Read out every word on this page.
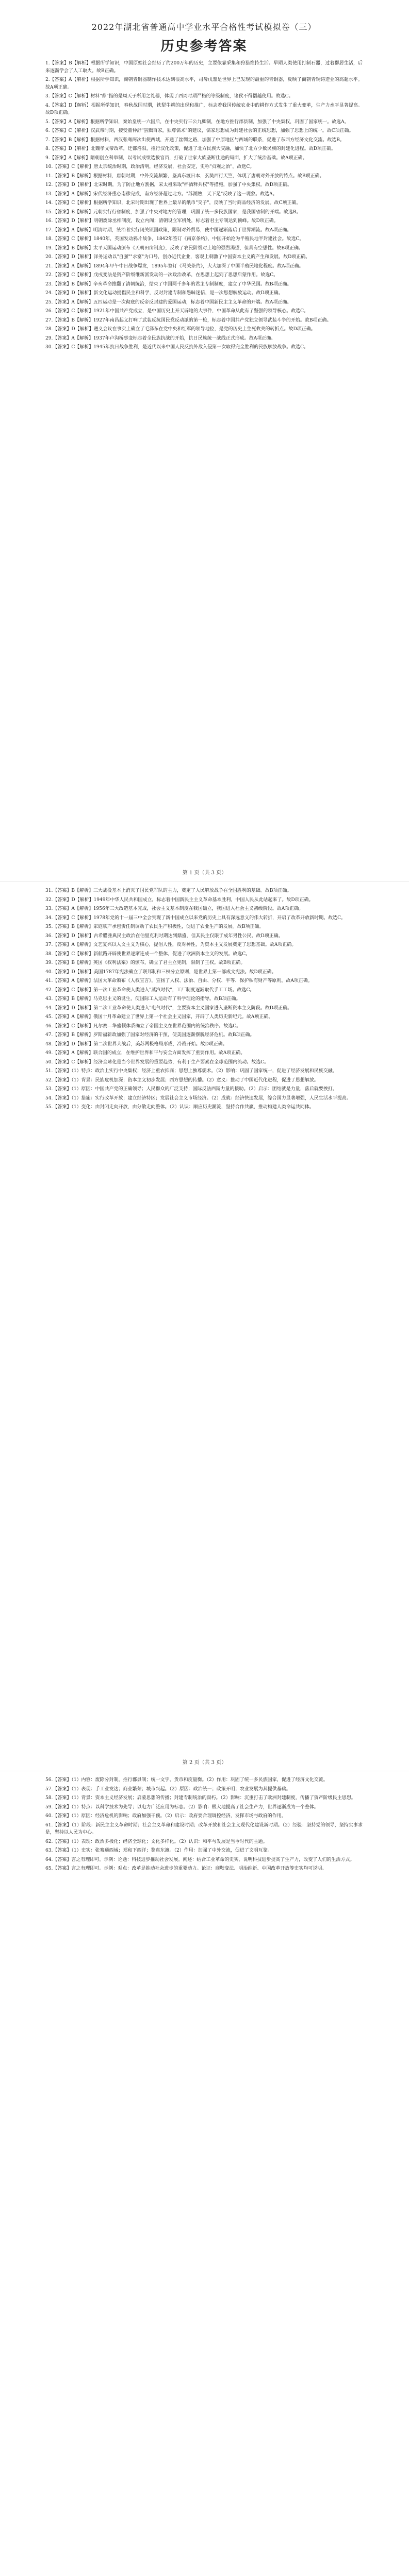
2022年湖北省普通高中学业水平合格性考试模拟卷（三）
历史参考答案

1.【答案】B【解析】根据所学知识，中国原始社会经历了约200万年的历史，主要依靠采集和狩猎维持生活。早期人类使用打制石器，过着群居生活，后来逐渐学会了人工取火。故B正确。

2.【答案】A【解析】根据所学知识，商朝青铜器制作技术达到很高水平，司母戊鼎是世界上已发现的最重的青铜器，反映了商朝青铜铸造业的高超水平。故A项正确。

3.【答案】C【解析】材料"鼎"指的是周天子所用之礼器，体现了西周时期严格的等级制度，诸侯不得僭越使用。故选C。

4.【答案】D【解析】根据所学知识，春秋战国时期，铁犁牛耕的出现和推广，标志着我国传统农业中的耕作方式发生了重大变革，生产力水平显著提高。故D项正确。

5.【答案】A【解析】根据所学知识，秦始皇统一六国后，在中央实行三公九卿制，在地方推行郡县制，加强了中央集权，巩固了国家统一。故选A。

6.【答案】C【解析】汉武帝时期，接受董仲舒"罢黜百家，独尊儒术"的建议，儒家思想成为封建社会的正统思想，加强了思想上的统一。故C项正确。

7.【答案】B【解析】根据材料，西汉张骞两次出使西域，开通了丝绸之路，加强了中原地区与西域的联系，促进了东西方经济文化交流。故选B。

8.【答案】D【解析】北魏孝文帝改革，迁都洛阳，推行汉化政策，促进了北方民族大交融，加快了北方少数民族的封建化进程。故D项正确。

9.【答案】A【解析】隋朝创立科举制，以考试成绩选拔官员，打破了世家大族垄断仕途的局面，扩大了统治基础。故A项正确。

10.【答案】C【解析】唐太宗统治时期，政治清明，经济发展，社会安定，史称"贞观之治"。故选C。

11.【答案】B【解析】根据材料，唐朝时期，中外交流频繁，鉴真东渡日本，玄奘西行天竺，体现了唐朝对外开放的特点。故B项正确。

12.【答案】D【解析】北宋时期，为了防止地方割据，宋太祖采取"杯酒释兵权"等措施，加强了中央集权。故D项正确。

13.【答案】A【解析】宋代经济重心南移完成，南方经济超过北方。"苏湖熟，天下足"反映了这一现象。故选A。

14.【答案】C【解析】根据所学知识，北宋时期出现了世界上最早的纸币"交子"，反映了当时商品经济的发展。故C项正确。

15.【答案】B【解析】元朝实行行省制度，加强了中央对地方的管理，巩固了统一多民族国家，是我国省制的开端。故选B。

16.【答案】D【解析】明朝废除丞相制度，设立内阁；清朝设立军机处，标志着君主专制达到顶峰。故D项正确。

17.【答案】A【解析】明清时期，统治者实行闭关锁国政策，限制对外贸易，使中国逐渐落后于世界潮流。故A项正确。

18.【答案】C【解析】1840年，英国发动鸦片战争，1842年签订《南京条约》，中国开始沦为半殖民地半封建社会。故选C。

19.【答案】B【解析】太平天国运动颁布《天朝田亩制度》，反映了农民阶级对土地的强烈渴望，但具有空想性。故B项正确。

20.【答案】D【解析】洋务运动以"自强""求富"为口号，创办近代企业，客观上刺激了中国资本主义的产生和发展。故D项正确。

21.【答案】A【解析】1894年甲午中日战争爆发，1895年签订《马关条约》，大大加深了中国半殖民地化程度。故A项正确。

22.【答案】C【解析】戊戌变法是资产阶级维新派发动的一次政治改革，在思想上起到了思想启蒙作用。故选C。

23.【答案】B【解析】辛亥革命推翻了清朝统治，结束了中国两千多年的君主专制制度，建立了中华民国。故B项正确。

24.【答案】D【解析】新文化运动提倡民主和科学，反对封建专制和愚昧迷信，是一次思想解放运动。故D项正确。

25.【答案】A【解析】五四运动是一次彻底的反帝反封建的爱国运动，标志着中国新民主主义革命的开端。故A项正确。

26.【答案】C【解析】1921年中国共产党成立，是中国历史上开天辟地的大事件，中国革命从此有了坚强的领导核心。故选C。

27.【答案】B【解析】1927年南昌起义打响了武装反抗国民党反动派的第一枪，标志着中国共产党独立领导武装斗争的开始。故B项正确。

28.【答案】D【解析】遵义会议在事实上确立了毛泽东在党中央和红军的领导地位，是党的历史上生死攸关的转折点。故D项正确。

29.【答案】A【解析】1937年卢沟桥事变标志着全民族抗战的开始，抗日民族统一战线正式形成。故A项正确。

30.【答案】C【解析】1945年抗日战争胜利，是近代以来中国人民反抗外敌入侵第一次取得完全胜利的民族解放战争。故选C。

第 1 页（共 3 页）

31.【答案】B【解析】三大战役基本上消灭了国民党军队的主力，奠定了人民解放战争在全国胜利的基础。故B项正确。

32.【答案】D【解析】1949年中华人民共和国成立，标志着中国新民主主义革命基本胜利，中国人民从此站起来了。故D项正确。

33.【答案】A【解析】1956年三大改造基本完成，社会主义基本制度在我国确立，我国进入社会主义初级阶段。故A项正确。

34.【答案】C【解析】1978年党的十一届三中全会实现了新中国成立以来党的历史上具有深远意义的伟大转折，开启了改革开放新时期。故选C。

35.【答案】B【解析】家庭联产承包责任制调动了农民生产积极性，促进了农业生产的发展。故B项正确。

36.【答案】D【解析】古希腊雅典民主政治在伯里克利时期达到鼎盛，但其民主仅限于成年男性公民。故D项正确。

37.【答案】A【解析】文艺复兴以人文主义为核心，提倡人性，反对神性，为资本主义发展奠定了思想基础。故A项正确。

38.【答案】C【解析】新航路开辟使世界逐渐连成一个整体，促进了欧洲资本主义的发展。故选C。

39.【答案】B【解析】英国《权利法案》的颁布，确立了君主立宪制，限制了王权。故B项正确。

40.【答案】D【解析】美国1787年宪法确立了联邦制和三权分立原则，是世界上第一部成文宪法。故D项正确。

41.【答案】A【解析】法国大革命颁布《人权宣言》，宣扬了人权、法治、自由、分权、平等、保护私有财产等原则。故A项正确。

42.【答案】C【解析】第一次工业革命使人类进入"蒸汽时代"，工厂制度逐渐取代手工工场。故选C。

43.【答案】B【解析】马克思主义的诞生，使国际工人运动有了科学理论的指导。故B项正确。

44.【答案】D【解析】第二次工业革命使人类进入"电气时代"，主要资本主义国家进入垄断资本主义阶段。故D项正确。

45.【答案】A【解析】俄国十月革命建立了世界上第一个社会主义国家，开辟了人类历史新纪元。故A项正确。

46.【答案】C【解析】凡尔赛—华盛顿体系确立了帝国主义在世界范围内的统治秩序。故选C。

47.【答案】B【解析】罗斯福新政加强了国家对经济的干预，使美国逐渐摆脱经济危机。故B项正确。

48.【答案】D【解析】第二次世界大战后，美苏两极格局形成，冷战开始。故D项正确。

49.【答案】A【解析】联合国的成立，在维护世界和平与安全方面发挥了重要作用。故A项正确。

50.【答案】C【解析】经济全球化是当今世界发展的重要趋势，有利于生产要素在全球范围内流动。故选C。

51.【答案】（1）特点：政治上实行中央集权；经济上重农抑商；思想上独尊儒术。（2）影响：巩固了国家统一，促进了经济发展和民族交融。

52.【答案】（1）背景：民族危机加深；资本主义初步发展；西方思想的传播。（2）意义：推动了中国近代化进程，促进了思想解放。

53.【答案】（1）原因：中国共产党的正确领导；人民群众的广泛支持；国际反法西斯力量的援助。（2）启示：团结就是力量，落后就要挨打。

54.【答案】（1）措施：实行改革开放；建立经济特区；发展社会主义市场经济。（2）成就：经济快速发展，综合国力显著增强，人民生活水平提高。

55.【答案】（1）变化：由封闭走向开放，由分散走向整体。（2）认识：顺应历史潮流，坚持合作共赢，推动构建人类命运共同体。

第 2 页（共 3 页）

56.【答案】（1）内容：废除分封制，推行郡县制；统一文字、货币和度量衡。（2）作用：巩固了统一多民族国家，促进了经济文化交流。

57.【答案】（1）表现：手工业发达；商业繁荣；城市兴起。（2）原因：政治统一；政策开明；农业发展为其提供基础。

58.【答案】（1）背景：资本主义经济发展；启蒙思想的传播；封建专制统治的腐朽。（2）影响：沉重打击了欧洲封建制度，传播了资产阶级民主思想。

59.【答案】（1）特点：以科学技术为先导；以电力广泛应用为标志。（2）影响：极大地提高了社会生产力，世界逐渐成为一个整体。

60.【答案】（1）原因：经济危机的影响；政府加强干预。（2）启示：政府要合理调控经济，发挥市场与政府的作用。

61.【答案】（1）阶段：新民主主义革命时期；社会主义革命和建设时期；改革开放和社会主义现代化建设新时期。（2）经验：坚持党的领导，坚持实事求是，坚持以人民为中心。

62.【答案】（1）表现：政治多极化；经济全球化；文化多样化。（2）认识：和平与发展是当今时代的主题。

63.【答案】（1）史实：张骞通西域；郑和下西洋；鉴真东渡。（2）作用：加强了中外交流，促进了文明互鉴。

64.【答案】言之有理即可。示例：论题：科技进步推动社会发展。阐述：结合工业革命的史实，说明科技进步提高了生产力，改变了人们的生活方式。

65.【答案】言之有理即可。示例：观点：改革是推动社会进步的重要动力。论证：商鞅变法、明治维新、中国改革开放等史实均可说明。
